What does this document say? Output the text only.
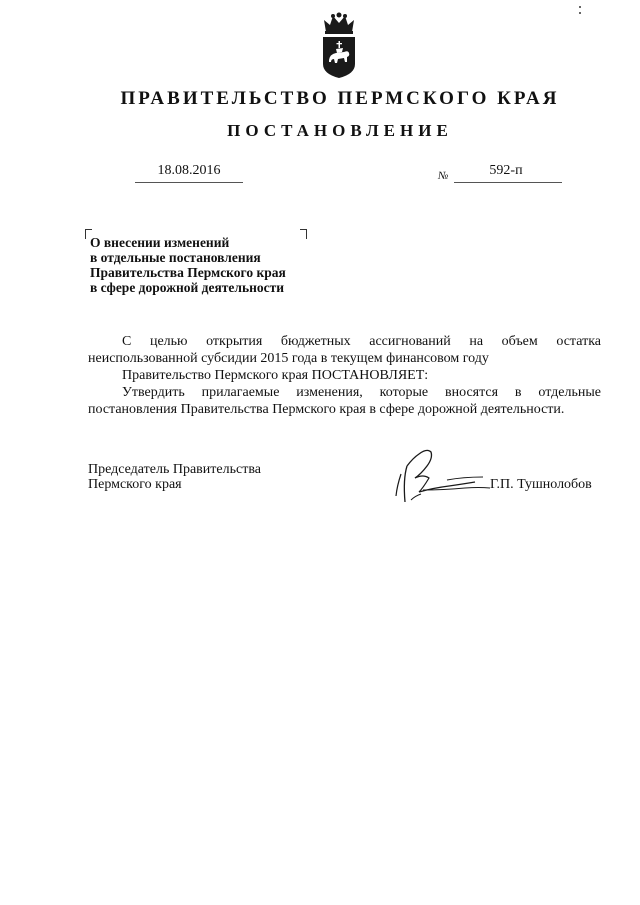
ПРАВИТЕЛЬСТВО ПЕРМСКОГО КРАЯ
ПОСТАНОВЛЕНИЕ
18.08.2016	№	592-п
О внесении изменений
в отдельные постановления
Правительства Пермского края
в сфере дорожной деятельности

С целью открытия бюджетных ассигнований на объем остатка неиспользованной субсидии 2015 года в текущем финансовом году

Правительство Пермского края ПОСТАНОВЛЯЕТ:

Утвердить прилагаемые изменения, которые вносятся в отдельные постановления Правительства Пермского края в сфере дорожной деятельности.

Председатель Правительства
Пермского края	Г.П. Тушнолобов
